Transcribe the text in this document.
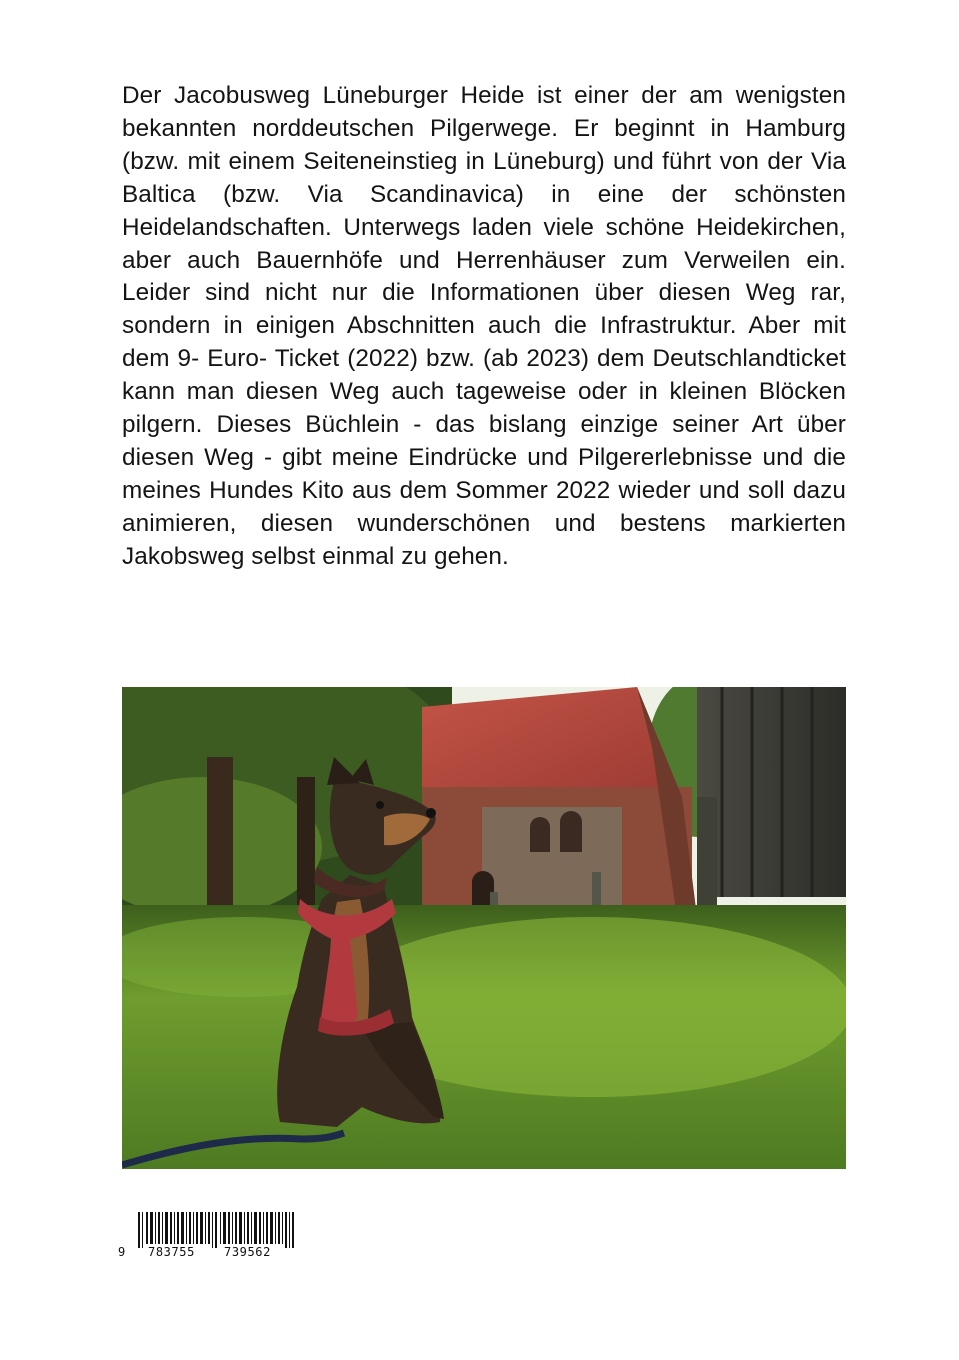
Der Jacobusweg Lüneburger Heide ist einer der am wenigsten bekannten norddeutschen Pilgerwege. Er beginnt in Hamburg (bzw. mit einem Seiteneinstieg in Lüneburg) und führt von der Via Baltica (bzw. Via Scandinavica) in eine der schönsten Heidelandschaften. Unterwegs laden viele schöne Heidekirchen, aber auch Bauernhöfe und Herrenhäuser zum Verweilen ein. Leider sind nicht nur die Informationen über diesen Weg rar, sondern in einigen Abschnitten auch die Infrastruktur. Aber mit dem 9- Euro- Ticket (2022) bzw. (ab 2023) dem Deutschlandticket kann man diesen Weg auch tageweise oder in kleinen Blöcken pilgern. Dieses Büchlein - das bislang einzige seiner Art über diesen Weg - gibt meine Eindrücke und Pilgererlebnisse und die meines Hundes Kito aus dem Sommer 2022 wieder und soll dazu animieren, diesen wunderschönen und bestens markierten Jakobsweg selbst einmal zu gehen.

9 783755 739562
